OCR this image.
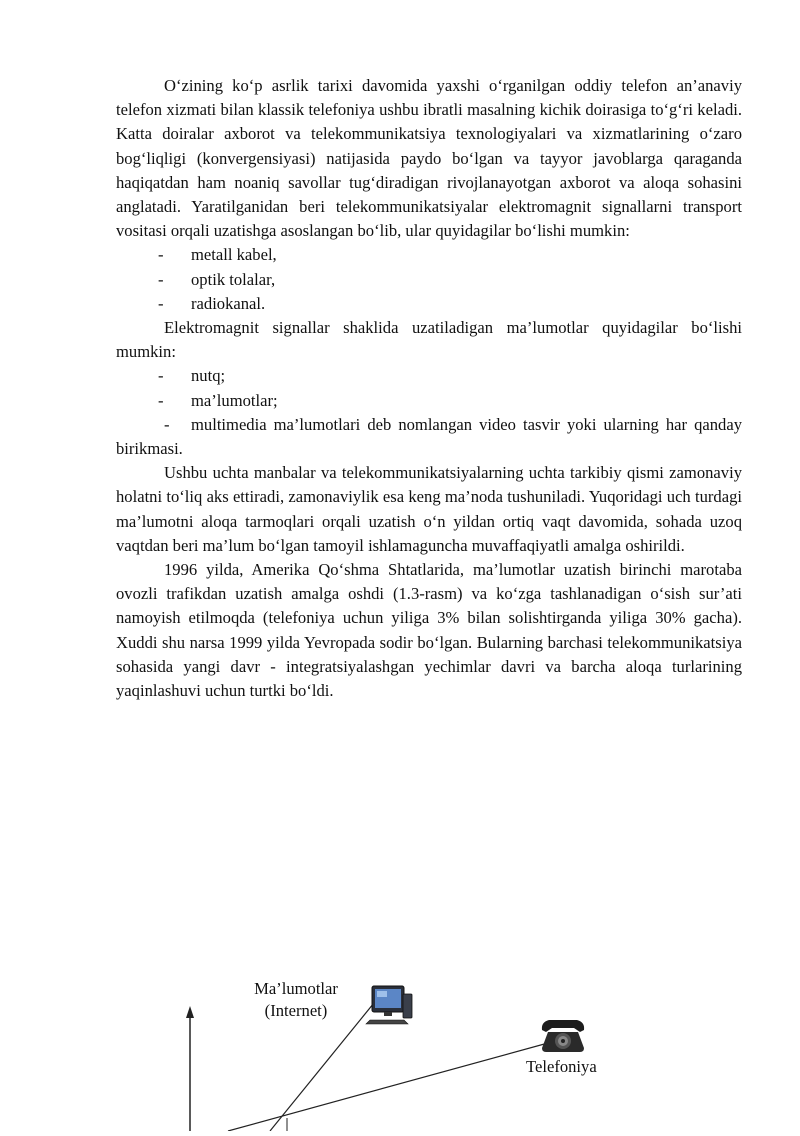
O‘zining ko‘p asrlik tarixi davomida yaxshi o‘rganilgan oddiy telefon an’anaviy telefon xizmati bilan klassik telefoniya ushbu ibratli masalning kichik doirasiga to‘g‘ri keladi. Katta doiralar axborot va telekommunikatsiya texnologiyalari va xizmatlarining o‘zaro bog‘liqligi (konvergensiyasi) natijasida paydo bo‘lgan va tayyor javoblarga qaraganda haqiqatdan ham noaniq savollar tug‘diradigan rivojlanayotgan axborot va aloqa sohasini anglatadi. Yaratilganidan beri telekommunikatsiyalar elektromagnit signallarni transport vositasi orqali uzatishga asoslangan bo‘lib, ular quyidagilar bo‘lishi mumkin:

- metall kabel,
- optik tolalar,
- radiokanal.

Elektromagnit signallar shaklida uzatiladigan ma’lumotlar quyidagilar bo‘lishi mumkin:

- nutq;
- ma’lumotlar;
- multimedia ma’lumotlari deb nomlangan video tasvir yoki ularning har qanday birikmasi.

Ushbu uchta manbalar va telekommunikatsiyalarning uchta tarkibiy qismi zamonaviy holatni to‘liq aks ettiradi, zamonaviylik esa keng ma’noda tushuniladi. Yuqoridagi uch turdagi ma’lumotni aloqa tarmoqlari orqali uzatish o‘n yildan ortiq vaqt davomida, sohada uzoq vaqtdan beri ma’lum bo‘lgan tamoyil ishlamaguncha muvaffaqiyatli amalga oshirildi.

1996 yilda, Amerika Qo‘shma Shtatlarida, ma’lumotlar uzatish birinchi marotaba ovozli trafikdan uzatish amalga oshdi (1.3-rasm) va ko‘zga tashlanadigan o‘sish sur’ati namoyish etilmoqda (telefoniya uchun yiliga 3% bilan solishtirganda yiliga 30% gacha). Xuddi shu narsa 1999 yilda Yevropada sodir bo‘lgan. Bularning barchasi telekommunikatsiya sohasida yangi davr - integratsiyalashgan yechimlar davri va barcha aloqa turlarining yaqinlashuvi uchun turtki bo‘ldi.

Ma’lumotlar
(Internet)
Telefoniya
